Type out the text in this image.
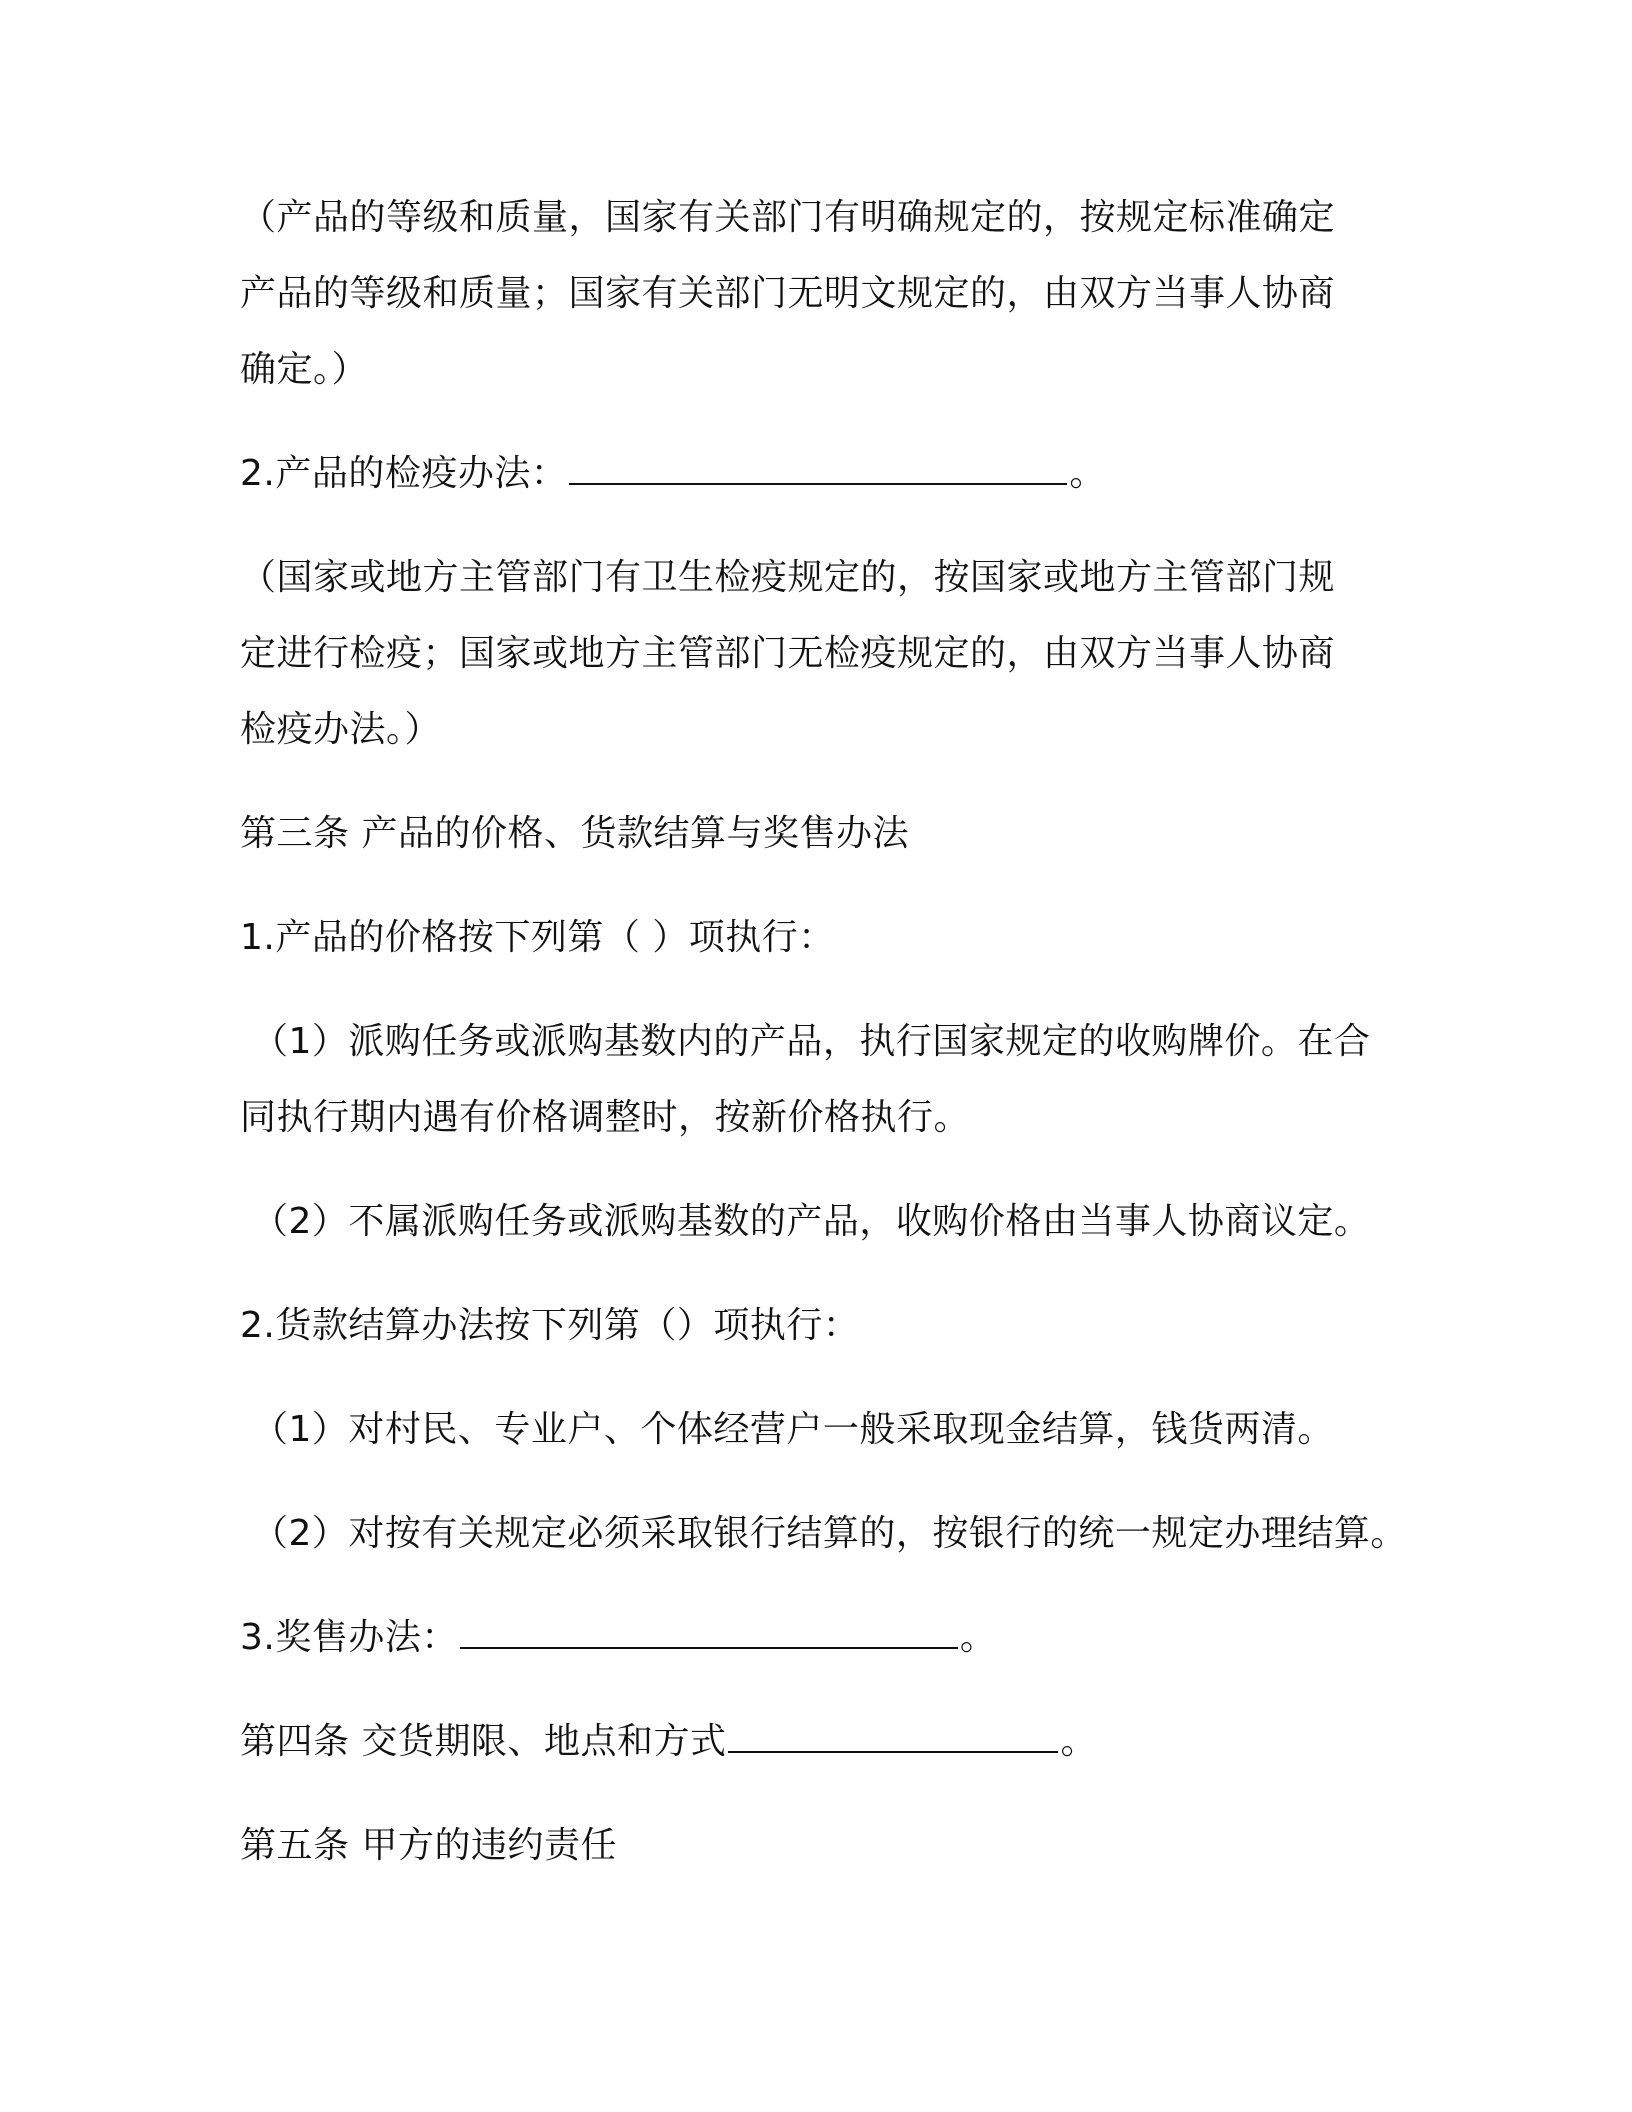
（产品的等级和质量，国家有关部门有明确规定的，按规定标准确定
产品的等级和质量；国家有关部门无明文规定的，由双方当事人协商
确定。）
2.产品的检疫办法：	。
（国家或地方主管部门有卫生检疫规定的，按国家或地方主管部门规
定进行检疫；国家或地方主管部门无检疫规定的，由双方当事人协商
检疫办法。）
第三条 产品的价格、货款结算与奖售办法
1.产品的价格按下列第（ ）项执行：
（1）派购任务或派购基数内的产品，执行国家规定的收购牌价。在合
同执行期内遇有价格调整时，按新价格执行。
（2）不属派购任务或派购基数的产品，收购价格由当事人协商议定。
2.货款结算办法按下列第（）项执行：
（1）对村民、专业户、个体经营户一般采取现金结算，钱货两清。
（2）对按有关规定必须采取银行结算的，按银行的统一规定办理结算。
3.奖售办法：	。
第四条 交货期限、地点和方式	。
第五条 甲方的违约责任
